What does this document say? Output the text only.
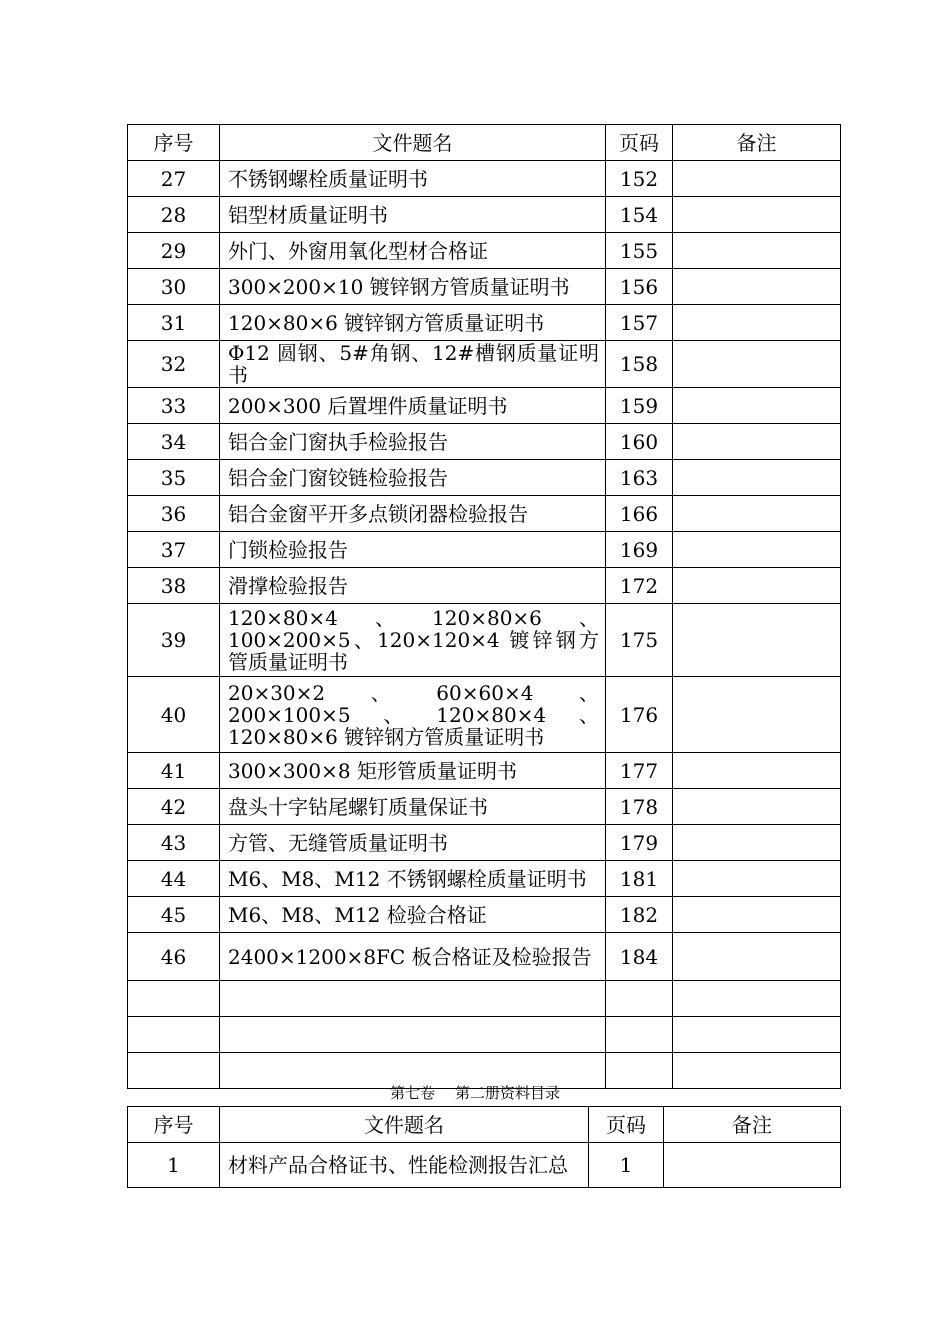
序号	文件题名	页码	备注
27	不锈钢螺栓质量证明书	152	
28	铝型材质量证明书	154	
29	外门、外窗用氧化型材合格证	155	
30	300×200×10 镀锌钢方管质量证明书	156	
31	120×80×6 镀锌钢方管质量证明书	157	
32	Φ12 圆钢、5#角钢、12#槽钢质量证明书	158	
33	200×300 后置埋件质量证明书	159	
34	铝合金门窗执手检验报告	160	
35	铝合金门窗铰链检验报告	163	
36	铝合金窗平开多点锁闭器检验报告	166	
37	门锁检验报告	169	
38	滑撑检验报告	172	
39	120×80×4、120×80×6、100×200×5、120×120×4 镀锌钢方管质量证明书	175	
40	20×30×2、60×60×4、200×100×5、120×80×4、120×80×6 镀锌钢方管质量证明书	176	
41	300×300×8 矩形管质量证明书	177	
42	盘头十字钻尾螺钉质量保证书	178	
43	方管、无缝管质量证明书	179	
44	M6、M8、M12 不锈钢螺栓质量证明书	181	
45	M6、M8、M12 检验合格证	182	
46	2400×1200×8FC 板合格证及检验报告	184	

第七卷 第二册资料目录
序号	文件题名	页码	备注
1	材料产品合格证书、性能检测报告汇总	1	
